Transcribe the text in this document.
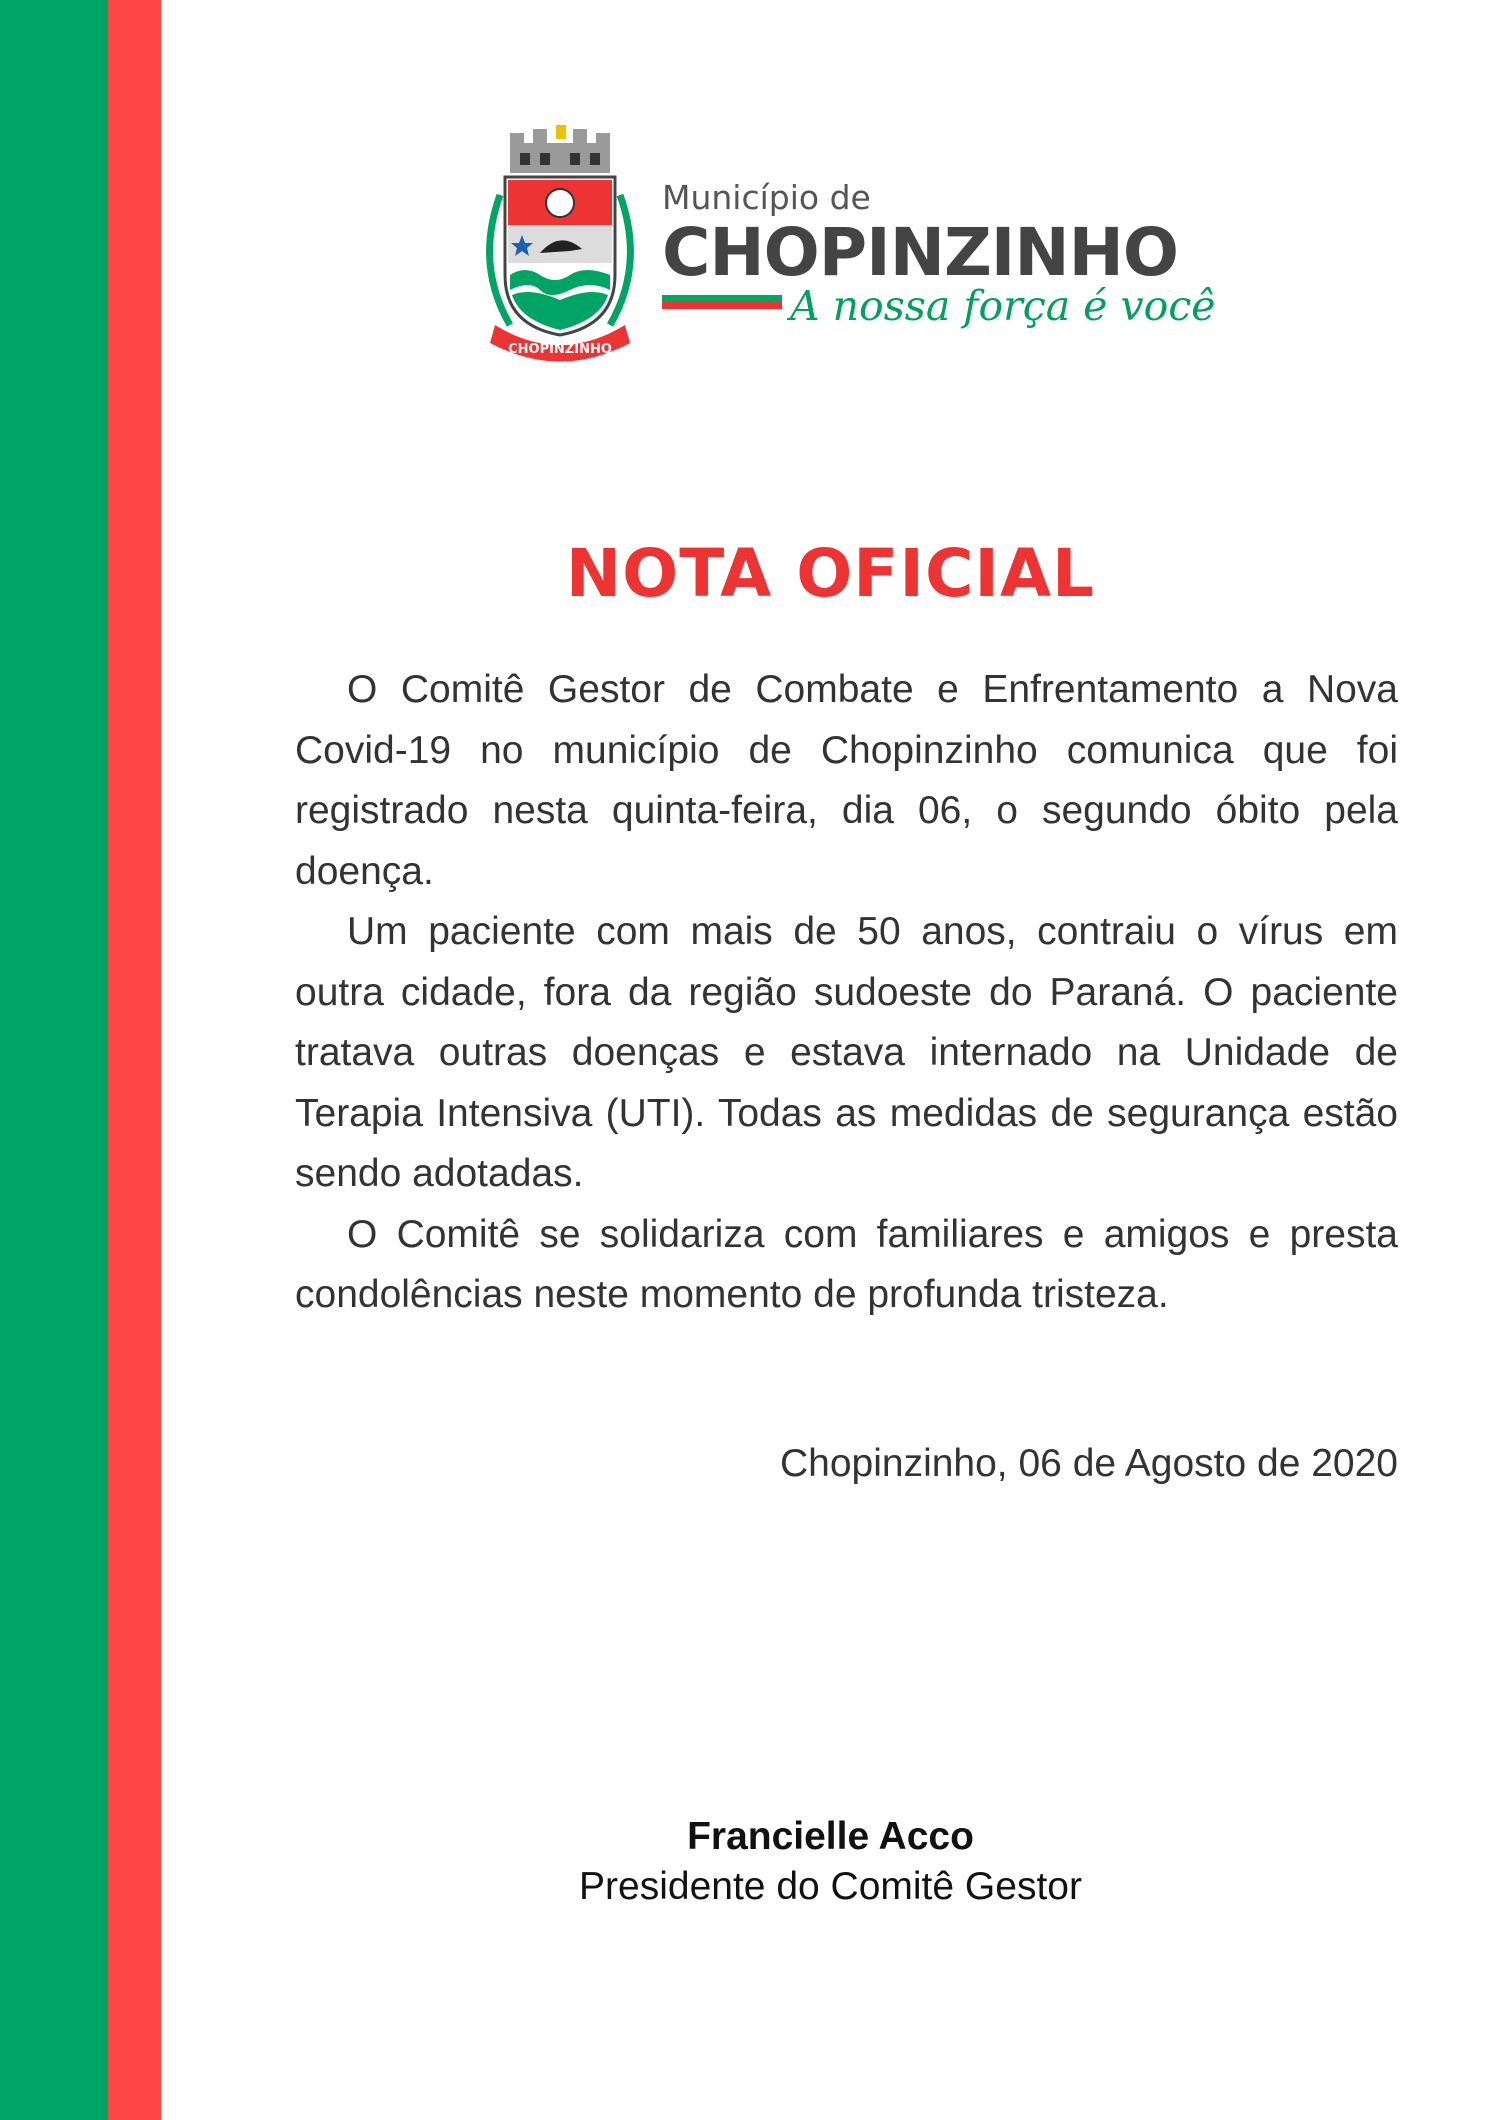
CHOPINZINHO
Município de
CHOPINZINHO
A nossa força é você
NOTA OFICIAL

O Comitê Gestor de Combate e Enfrentamento a Nova Covid-19 no município de Chopinzinho comunica que foi registrado nesta quinta-feira, dia 06, o segundo óbito pela doença.

Um paciente com mais de 50 anos, contraiu o vírus em outra cidade, fora da região sudoeste do Paraná. O paciente tratava outras doenças e estava internado na Unidade de Terapia Intensiva (UTI). Todas as medidas de segurança estão sendo adotadas.

O Comitê se solidariza com familiares e amigos e presta condolências neste momento de profunda tristeza.

Chopinzinho, 06 de Agosto de 2020
Francielle Acco
Presidente do Comitê Gestor
